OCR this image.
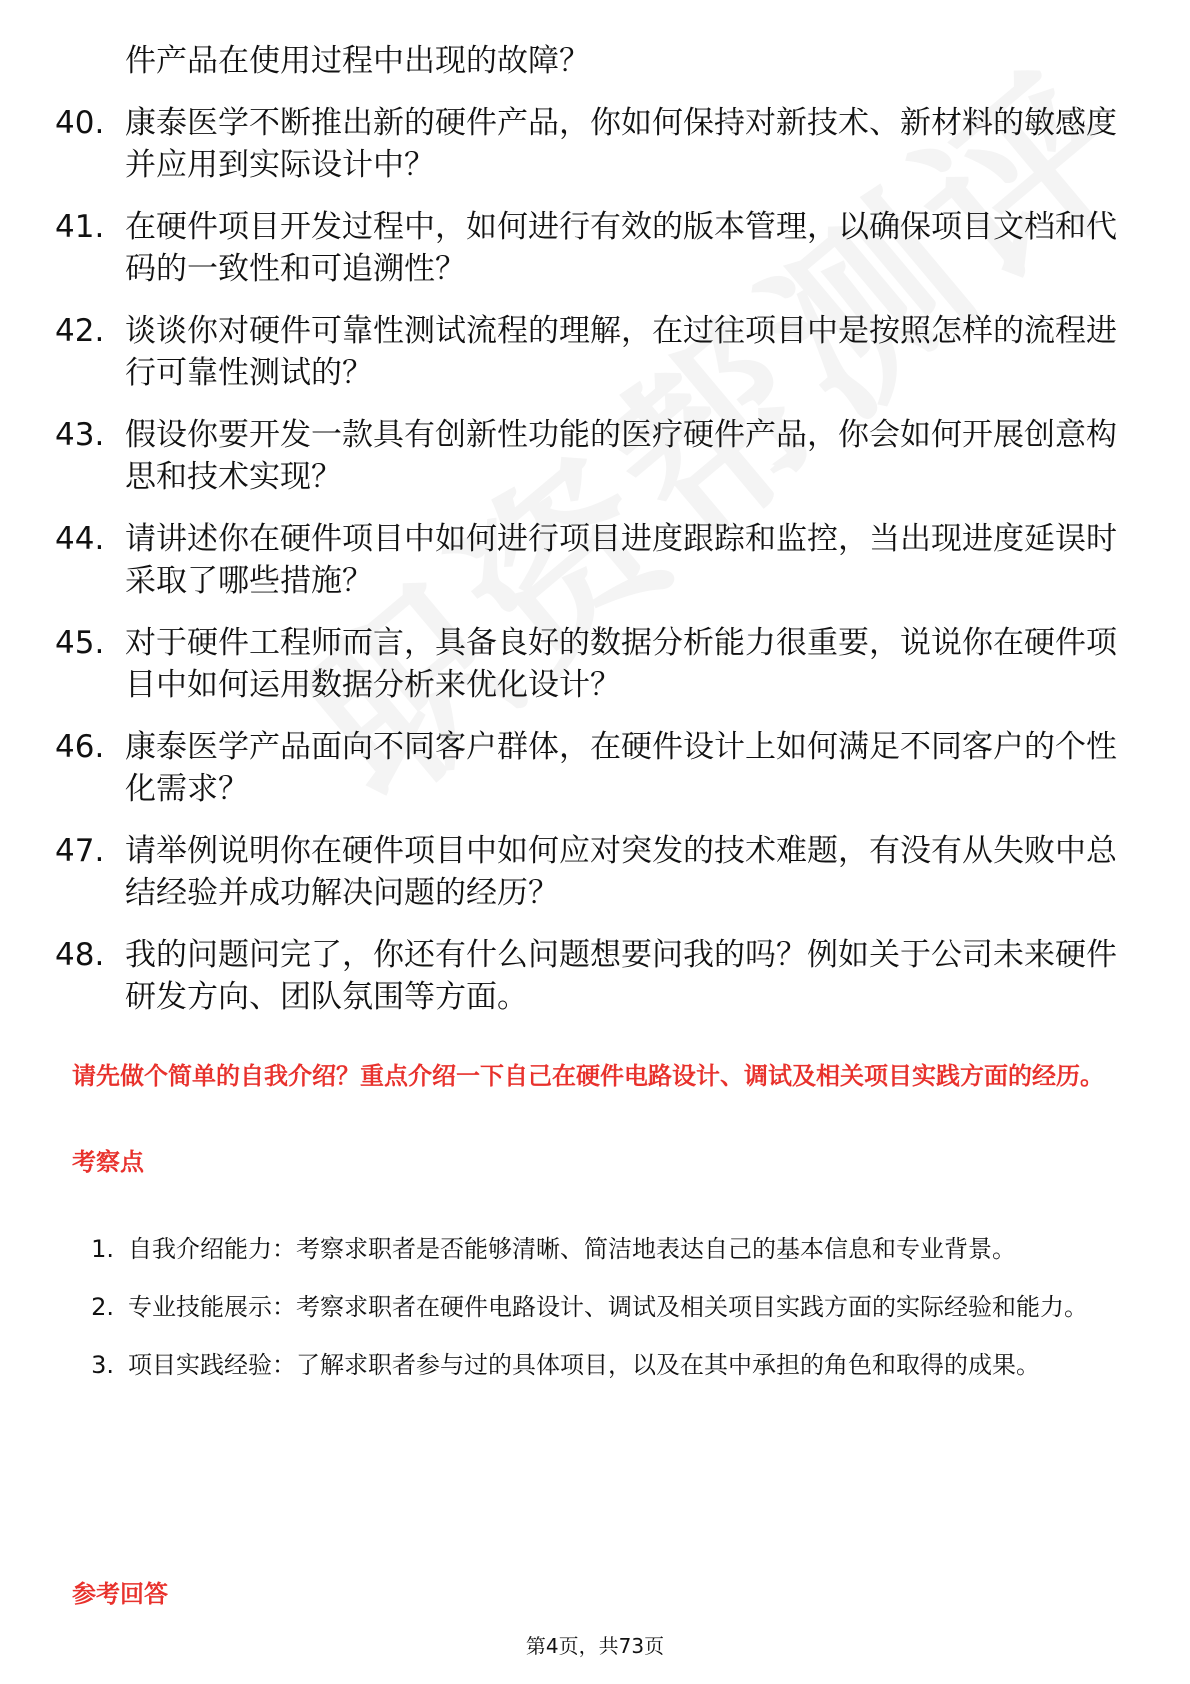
件产品在使用过程中出现的故障？
40. 康泰医学不断推出新的硬件产品，你如何保持对新技术、新材料的敏感度并应用到实际设计中？
41. 在硬件项目开发过程中，如何进行有效的版本管理，以确保项目文档和代码的一致性和可追溯性？
42. 谈谈你对硬件可靠性测试流程的理解，在过往项目中是按照怎样的流程进行可靠性测试的？
43. 假设你要开发一款具有创新性功能的医疗硬件产品，你会如何开展创意构思和技术实现？
44. 请讲述你在硬件项目中如何进行项目进度跟踪和监控，当出现进度延误时采取了哪些措施？
45. 对于硬件工程师而言，具备良好的数据分析能力很重要，说说你在硬件项目中如何运用数据分析来优化设计？
46. 康泰医学产品面向不同客户群体，在硬件设计上如何满足不同客户的个性化需求？
47. 请举例说明你在硬件项目中如何应对突发的技术难题，有没有从失败中总结经验并成功解决问题的经历？
48. 我的问题问完了，你还有什么问题想要问我的吗？例如关于公司未来硬件研发方向、团队氛围等方面。

请先做个简单的自我介绍？重点介绍一下自己在硬件电路设计、调试及相关项目实践方面的经历。

考察点
1. 自我介绍能力：考察求职者是否能够清晰、简洁地表达自己的基本信息和专业背景。
2. 专业技能展示：考察求职者在硬件电路设计、调试及相关项目实践方面的实际经验和能力。
3. 项目实践经验：了解求职者参与过的具体项目，以及在其中承担的角色和取得的成果。
参考回答
第4页，共73页
